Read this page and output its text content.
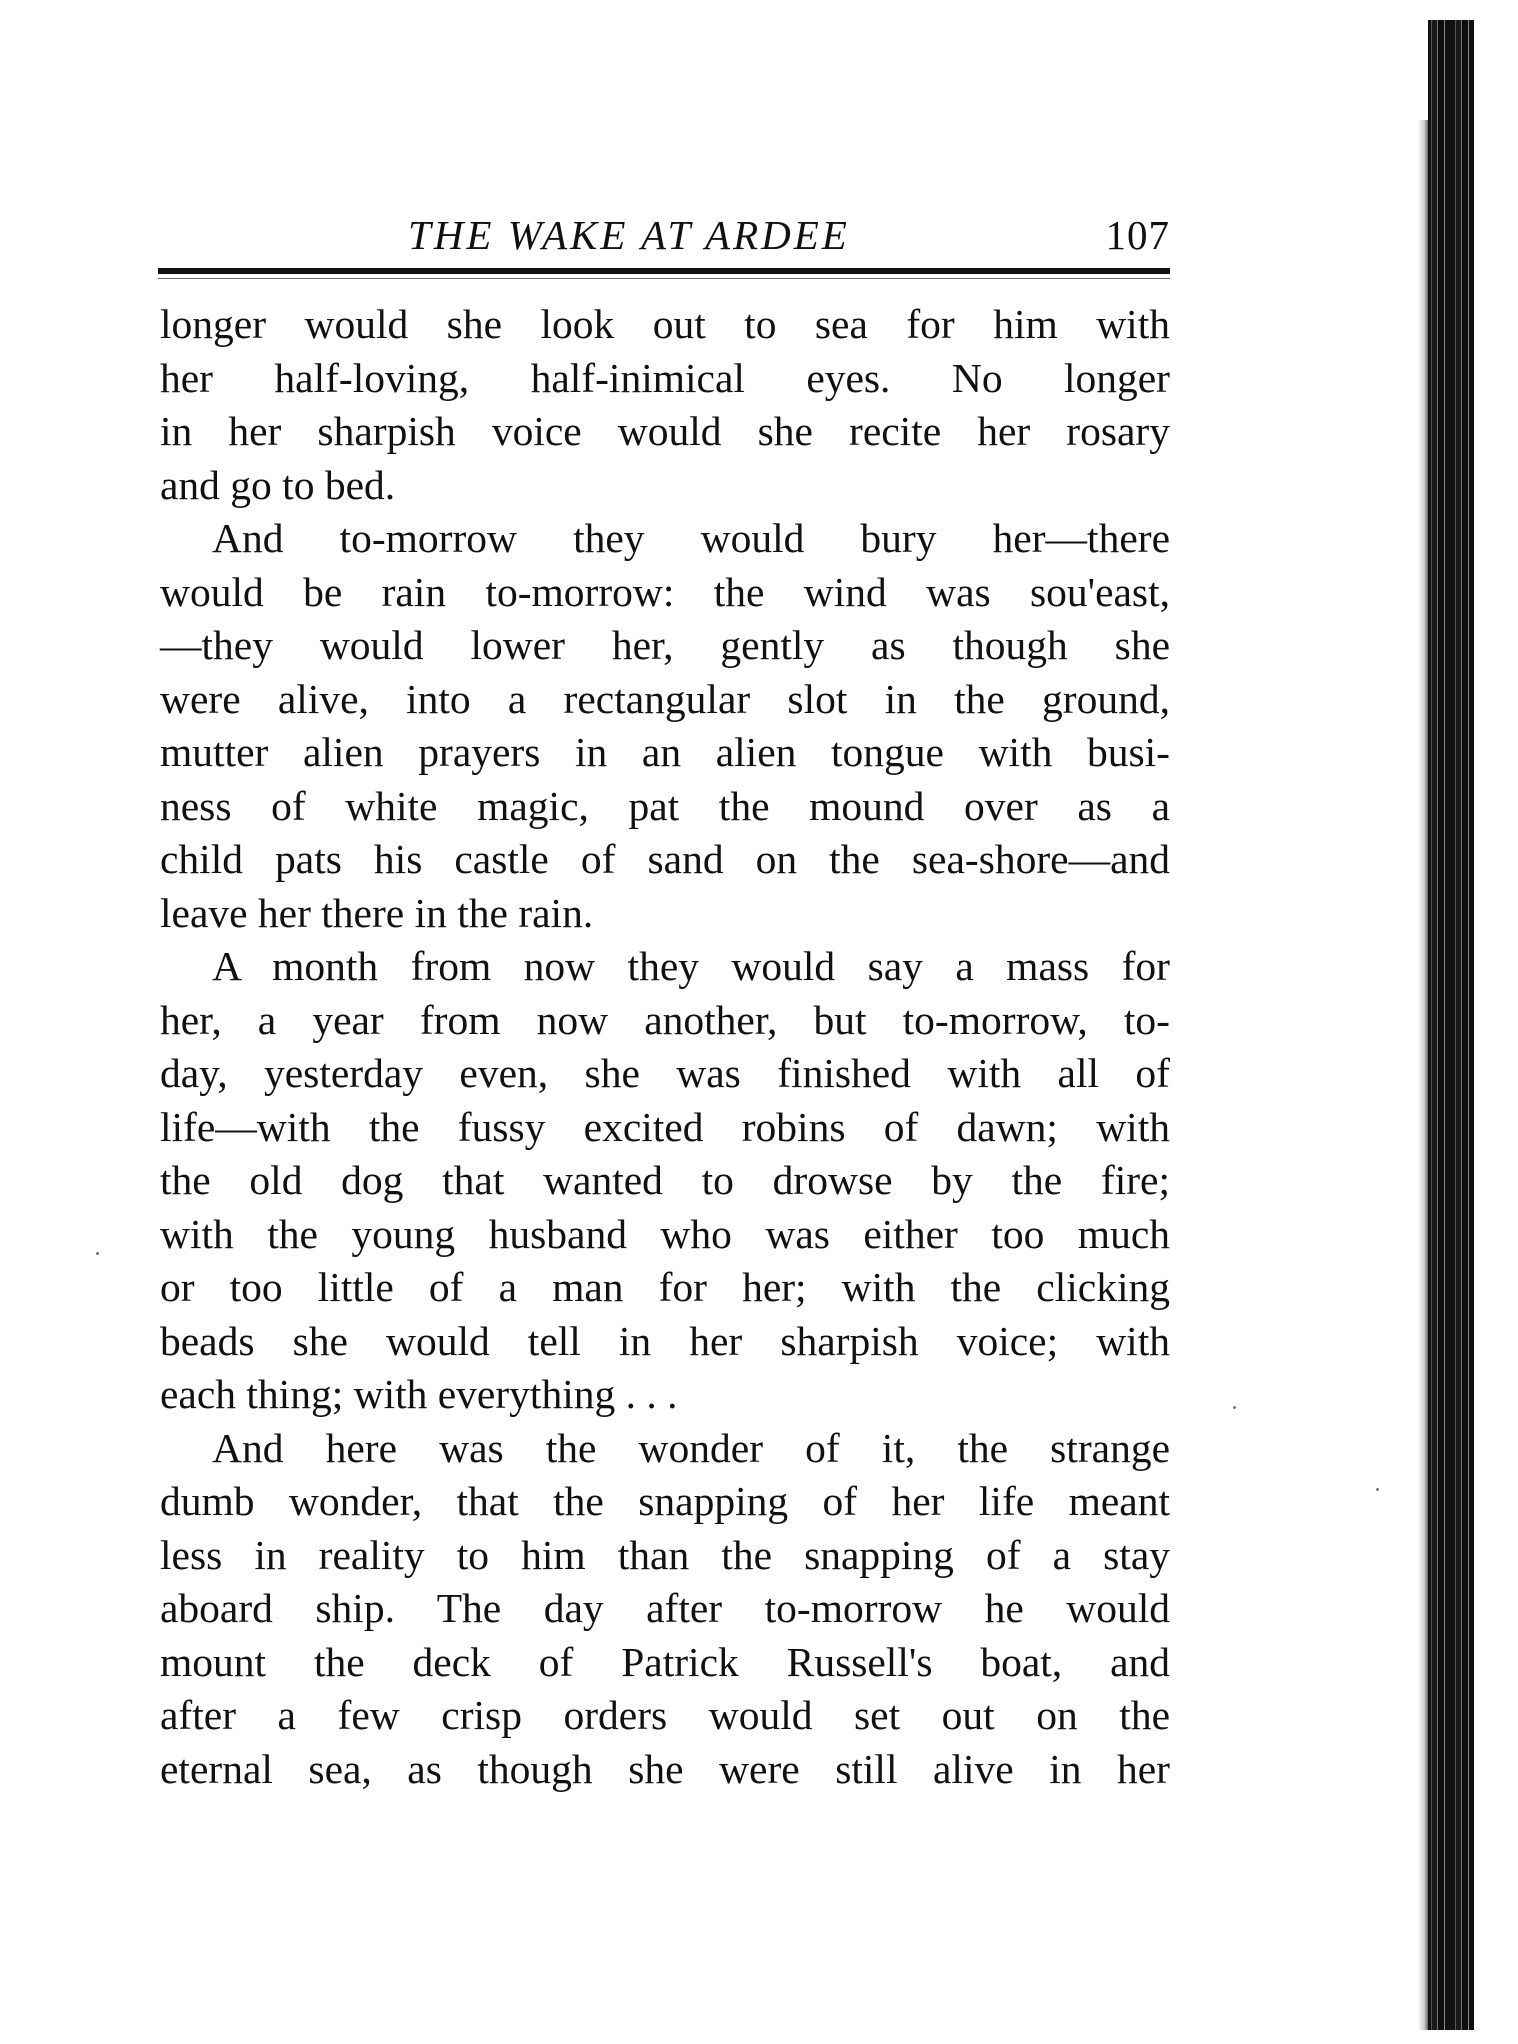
THE WAKE AT ARDEE	107
longer would she look out to sea for him with
her half-loving, half-inimical eyes. No longer
in her sharpish voice would she recite her rosary
and go to bed.
And to-morrow they would bury her—there
would be rain to-morrow: the wind was sou'east,
—they would lower her, gently as though she
were alive, into a rectangular slot in the ground,
mutter alien prayers in an alien tongue with busi-
ness of white magic, pat the mound over as a
child pats his castle of sand on the sea-shore—and
leave her there in the rain.
A month from now they would say a mass for
her, a year from now another, but to-morrow, to-
day, yesterday even, she was finished with all of
life—with the fussy excited robins of dawn; with
the old dog that wanted to drowse by the fire;
with the young husband who was either too much
or too little of a man for her; with the clicking
beads she would tell in her sharpish voice; with
each thing; with everything . . .
And here was the wonder of it, the strange
dumb wonder, that the snapping of her life meant
less in reality to him than the snapping of a stay
aboard ship. The day after to-morrow he would
mount the deck of Patrick Russell's boat, and
after a few crisp orders would set out on the
eternal sea, as though she were still alive in her
